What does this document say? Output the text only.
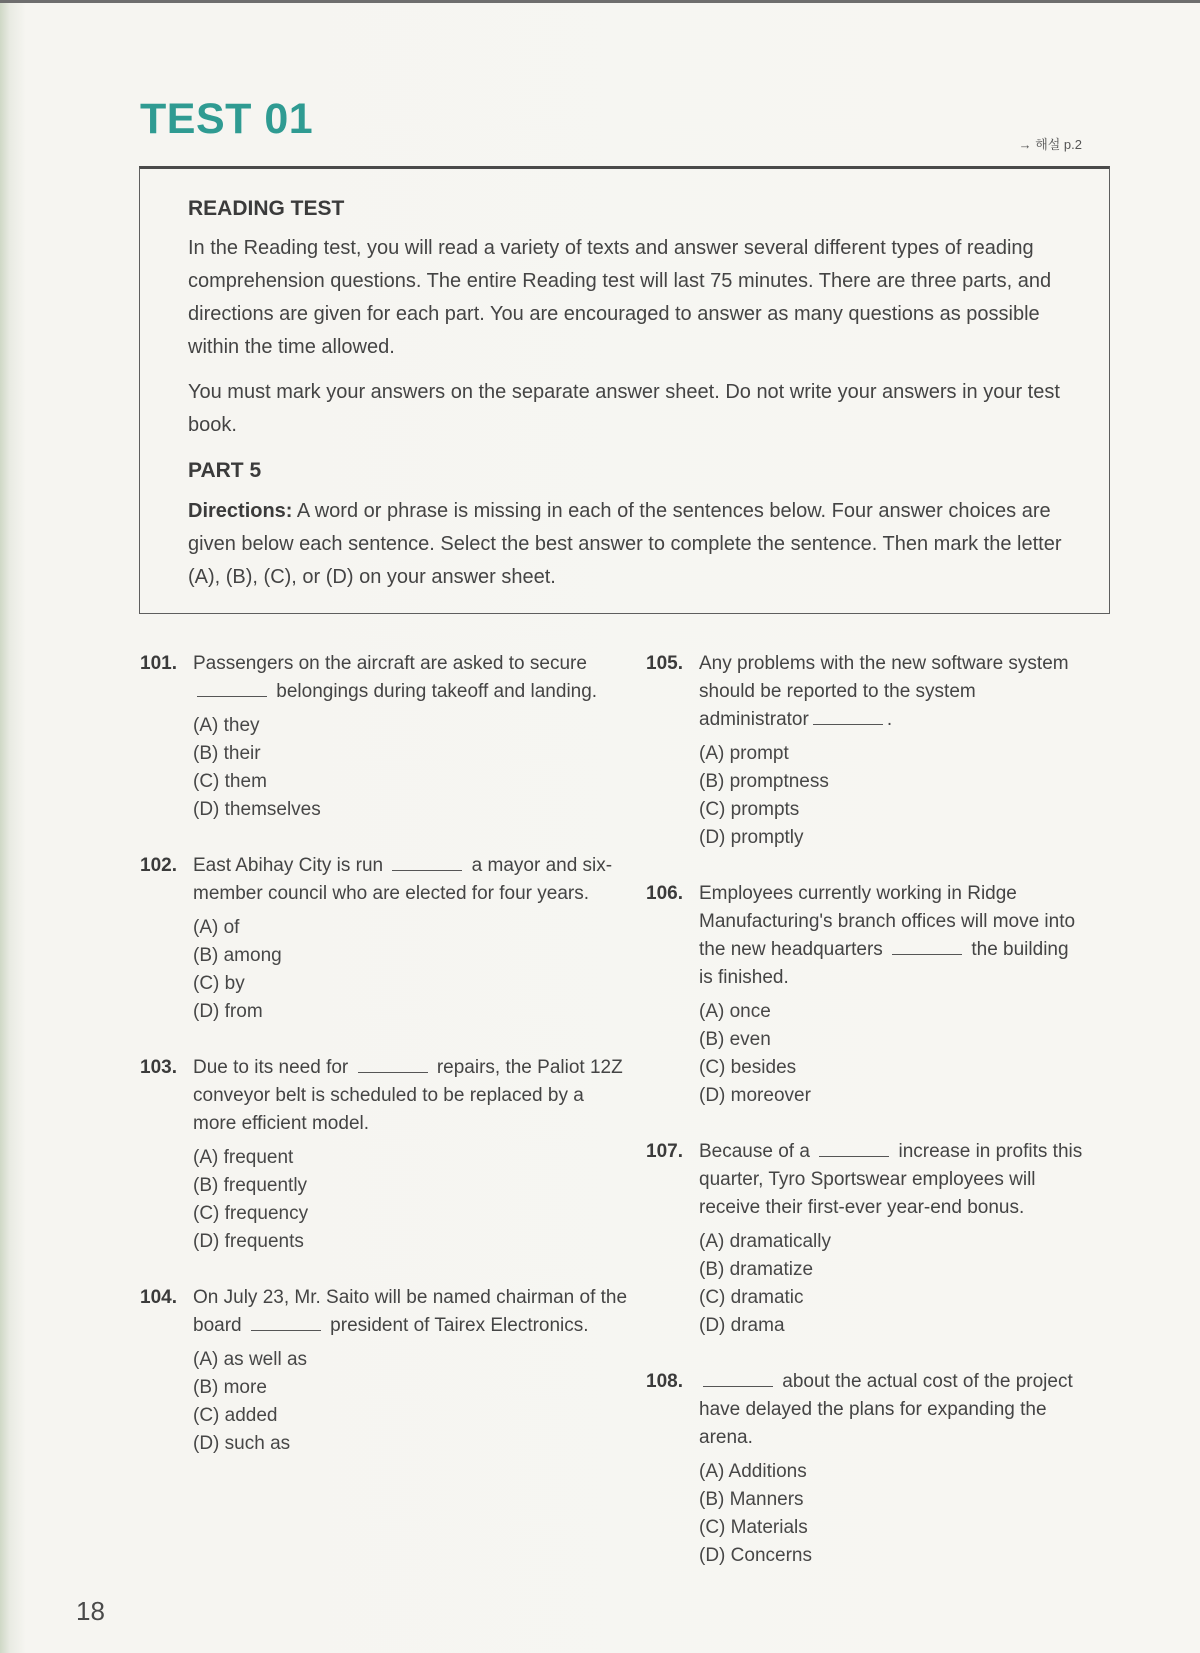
TEST 01
→ 해설 p.2
READING TEST

In the Reading test, you will read a variety of texts and answer several different types of reading comprehension questions. The entire Reading test will last 75 minutes. There are three parts, and directions are given for each part. You are encouraged to answer as many questions as possible within the time allowed.

You must mark your answers on the separate answer sheet. Do not write your answers in your test book.

PART 5

Directions: A word or phrase is missing in each of the sentences below. Four answer choices are given below each sentence. Select the best answer to complete the sentence. Then mark the letter (A), (B), (C), or (D) on your answer sheet.

101. Passengers on the aircraft are asked to secure  belongings during takeoff and landing.
(A) they
(B) their
(C) them
(D) themselves
102. East Abihay City is run	a mayor and six-member council who are elected for four years.
(A) of
(B) among
(C) by
(D) from
103. Due to its need for	repairs, the Paliot 12Z conveyor belt is scheduled to be replaced by a more efficient model.
(A) frequent
(B) frequently
(C) frequency
(D) frequents
104. On July 23, Mr. Saito will be named chairman of the board	president of Tairex Electronics.
(A) as well as
(B) more
(C) added
(D) such as
105. Any problems with the new software system should be reported to the system administrator	.
(A) prompt
(B) promptness
(C) prompts
(D) promptly
106. Employees currently working in Ridge Manufacturing's branch offices will move into the new headquarters	the building is finished.
(A) once
(B) even
(C) besides
(D) moreover
107. Because of a	increase in profits this quarter, Tyro Sportswear employees will receive their first-ever year-end bonus.
(A) dramatically
(B) dramatize
(C) dramatic
(D) drama
108.	about the actual cost of the project have delayed the plans for expanding the arena.
(A) Additions
(B) Manners
(C) Materials
(D) Concerns
18
